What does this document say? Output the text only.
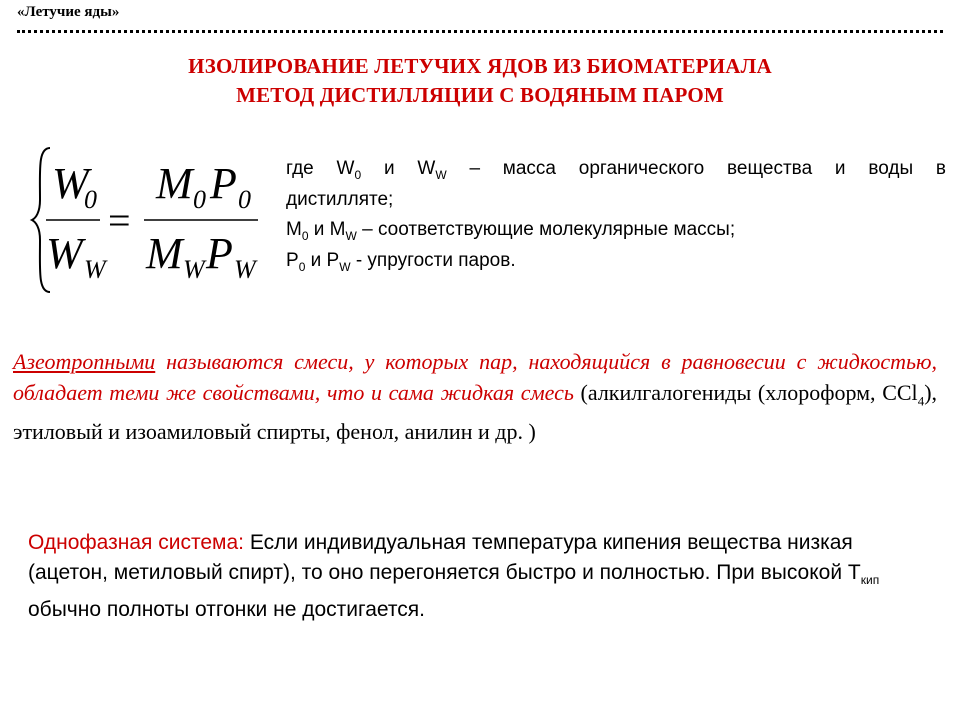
«Летучие яды»
ИЗОЛИРОВАНИЕ ЛЕТУЧИХ ЯДОВ ИЗ БИОМАТЕРИАЛА
МЕТОД ДИСТИЛЛЯЦИИ С ВОДЯНЫМ ПАРОМ
W
0
W W
=
M 0 P 0
M W P W

где $W_0$ и $W_W$ – масса органического вещества и воды в

дистилляте;

$M_0$ и $M_W$ – соответствующие молекулярные массы;

$P_0$ и $P_W$ - упругости паров.

Азеотропными называются смеси, у которых пар, находящийся в равновесии с жидкостью, обладает теми же свойствами, что и сама жидкая смесь (алкилгалогениды (хлороформ, CCl$_4$), этиловый и изоамиловый спирты, фенол, анилин и др. )
Однофазная система: Если индивидуальная температура кипения вещества низкая (ацетон, метиловый спирт), то оно перегоняется быстро и полностью. При высокой $T_{кип}$ обычно полноты отгонки не достигается.
